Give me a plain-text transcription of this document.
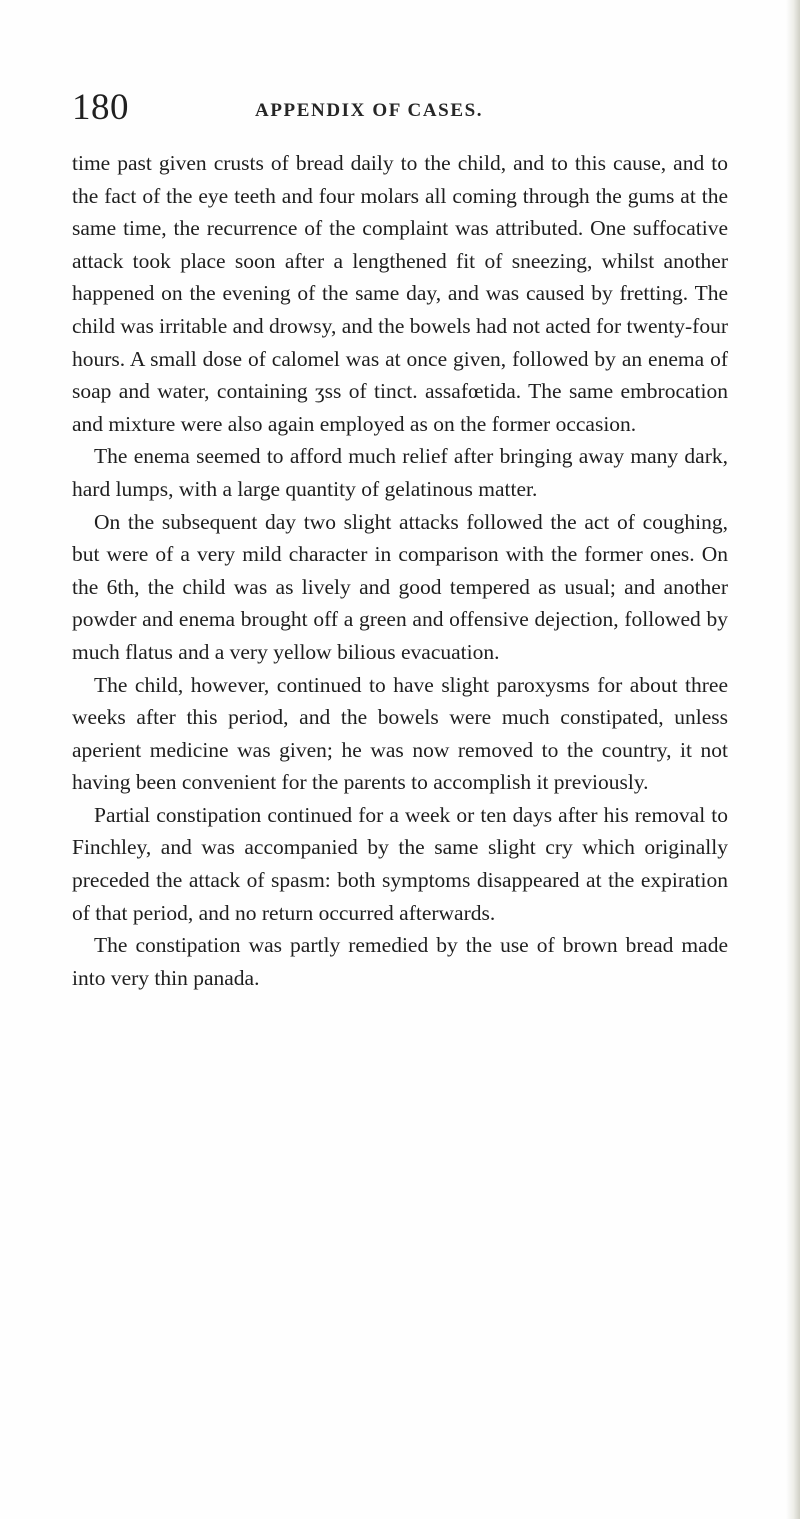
180	APPENDIX OF CASES.

time past given crusts of bread daily to the child, and to this cause, and to the fact of the eye teeth and four molars all coming through the gums at the same time, the recurrence of the complaint was attributed. One suffocative attack took place soon after a lengthened fit of sneezing, whilst another happened on the evening of the same day, and was caused by fretting. The child was irritable and drowsy, and the bowels had not acted for twenty-four hours. A small dose of calomel was at once given, followed by an enema of soap and water, containing ʒss of tinct. assafœtida. The same embrocation and mixture were also again employed as on the former occasion.

The enema seemed to afford much relief after bringing away many dark, hard lumps, with a large quantity of gelatinous matter.

On the subsequent day two slight attacks followed the act of coughing, but were of a very mild character in comparison with the former ones. On the 6th, the child was as lively and good tempered as usual; and another powder and enema brought off a green and offensive dejection, followed by much flatus and a very yellow bilious evacuation.

The child, however, continued to have slight paroxysms for about three weeks after this period, and the bowels were much constipated, unless aperient medicine was given; he was now removed to the country, it not having been convenient for the parents to accomplish it previously.

Partial constipation continued for a week or ten days after his removal to Finchley, and was accompanied by the same slight cry which originally preceded the attack of spasm: both symptoms disappeared at the expiration of that period, and no return occurred afterwards.

The constipation was partly remedied by the use of brown bread made into very thin panada.
